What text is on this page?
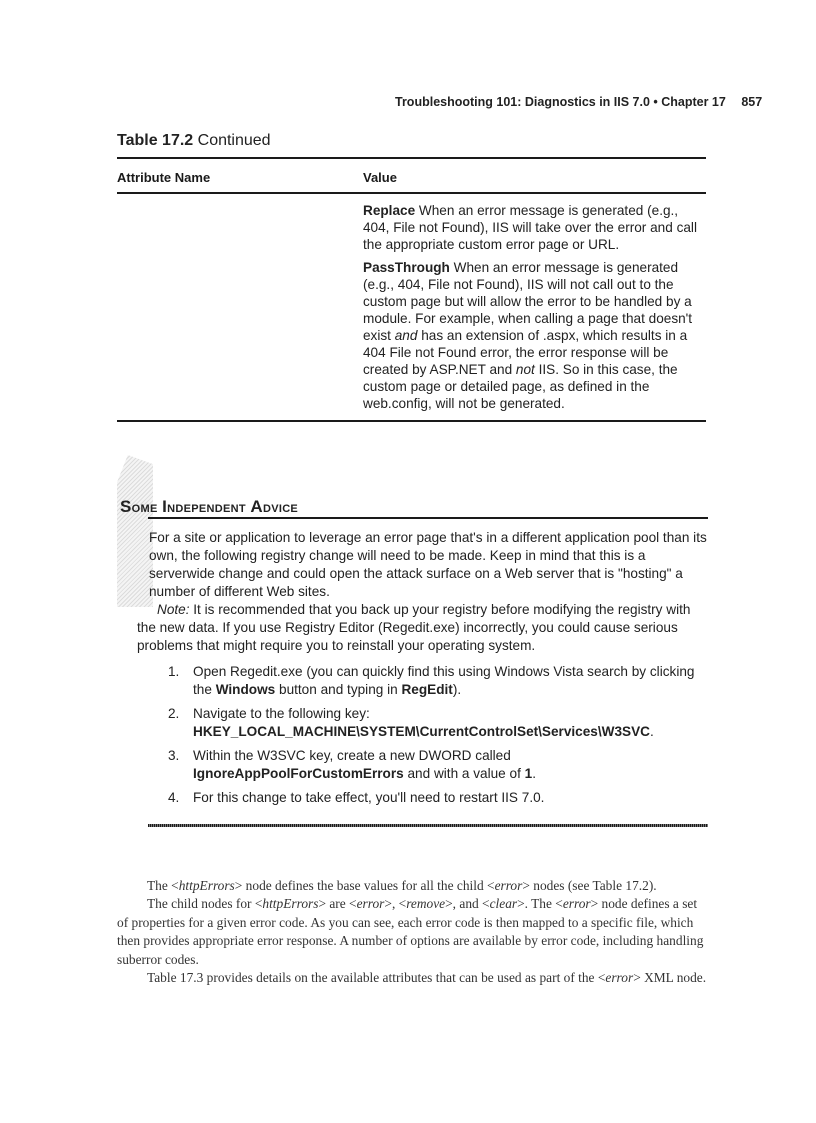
Troubleshooting 101: Diagnostics in IIS 7.0 • Chapter 17 857
Table 17.2 Continued
Attribute Name	Value
Replace When an error message is generated (e.g., 404, File not Found), IIS will take over the error and call the appropriate custom error page or URL.
PassThrough When an error message is generated (e.g., 404, File not Found), IIS will not call out to the custom page but will allow the error to be handled by a module. For example, when calling a page that doesn't exist and has an extension of .aspx, which results in a 404 File not Found error, the error response will be created by ASP.NET and not IIS. So in this case, the custom page or detailed page, as defined in the web.config, will not be generated.
Some Independent Advice

For a site or application to leverage an error page that's in a different application pool than its own, the following registry change will need to be made. Keep in mind that this is a serverwide change and could open the attack surface on a Web server that is "hosting" a number of different Web sites.

Note: It is recommended that you back up your registry before modifying the registry with the new data. If you use Registry Editor (Regedit.exe) incorrectly, you could cause serious problems that might require you to reinstall your operating system.

1. Open Regedit.exe (you can quickly find this using Windows Vista search by clicking the Windows button and typing in RegEdit).
2. Navigate to the following key: HKEY_LOCAL_MACHINE\SYSTEM\CurrentControlSet\Services\W3SVC.
3. Within the W3SVC key, create a new DWORD called IgnoreAppPoolForCustomErrors and with a value of 1.
4. For this change to take effect, you'll need to restart IIS 7.0.

The <httpErrors> node defines the base values for all the child <error> nodes (see Table 17.2).

The child nodes for <httpErrors> are <error>, <remove>, and <clear>. The <error> node defines a set of properties for a given error code. As you can see, each error code is then mapped to a specific file, which then provides appropriate error response. A number of options are available by error code, including handling suberror codes.

Table 17.3 provides details on the available attributes that can be used as part of the <error> XML node.
